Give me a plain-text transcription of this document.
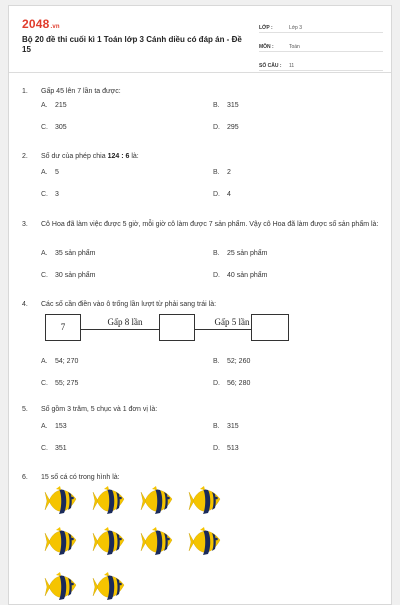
2048.vn
Bộ 20 đề thi cuối kì 1 Toán lớp 3 Cánh diều có đáp án - Đề 15
LỚP :	Lớp 3
MÔN :	Toán
SỐ CÂU :	11
1.	Gấp 45 lên 7 lần ta được:
A.	215	B.	315
C.	305	D.	295
2.	Số dư của phép chia 124 : 6 là:
A.	5	B.	2
C.	3	D.	4
3.	Cô Hoa đã làm việc được 5 giờ, mỗi giờ cô làm được 7 sản phẩm. Vậy cô Hoa đã làm được số sản phẩm là:
A.	35 sản phẩm	B.	25 sản phẩm
C.	30 sản phẩm	D.	40 sản phẩm
4.	Các số cần điền vào ô trống lần lượt từ phải sang trái là:
7	Gấp 8 lần	Gấp 5 lần
A.	54; 270	B.	52; 260
C.	55; 275	D.	56; 280
5.	Số gồm 3 trăm, 5 chục và 1 đơn vị là:
A.	153	B.	315
C.	351	D.	513
6.	15 số cá có trong hình là:
